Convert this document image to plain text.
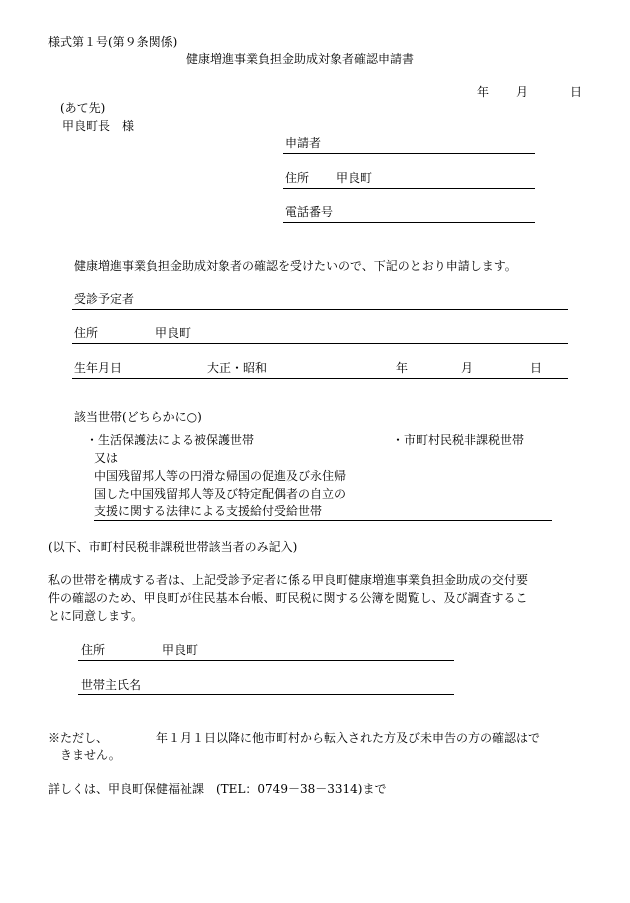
様式第１号(第９条関係)
健康増進事業負担金助成対象者確認申請書
年 月	日
(あて先)
甲良町長　様
申請者
住所 甲良町
電話番号
健康増進事業負担金助成対象者の確認を受けたいので、下記のとおり申請します。
受診予定者
住所	甲良町
生年月日	大正・昭和	年	月	日
該当世帯(どちらかに○)
・生活保護法による被保護世帯	・市町村民税非課税世帯
又は
中国残留邦人等の円滑な帰国の促進及び永住帰
国した中国残留邦人等及び特定配偶者の自立の
支援に関する法律による支援給付受給世帯
(以下、市町村民税非課税世帯該当者のみ記入)
私の世帯を構成する者は、上記受診予定者に係る甲良町健康増進事業負担金助成の交付要
件の確認のため、甲良町が住民基本台帳、町民税に関する公簿を閲覧し、及び調査するこ
とに同意します。
住所	甲良町
世帯主氏名
※ただし、	年１月１日以降に他市町村から転入された方及び未申告の方の確認はで
きません。
詳しくは、甲良町保健福祉課　(TEL：0749－38－3314)まで
